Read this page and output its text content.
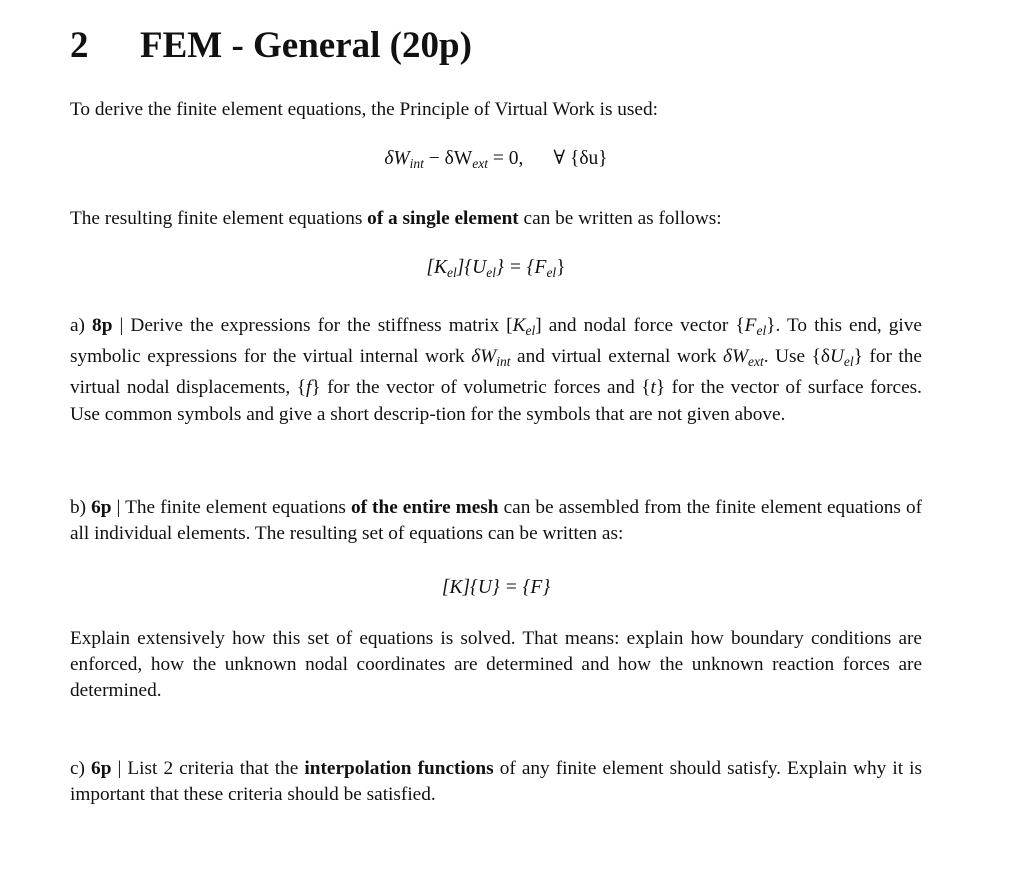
2 FEM - General (20p)
To derive the finite element equations, the Principle of Virtual Work is used:
$\delta W_{int} - \delta W_{ext} = 0$, ∀ {δu}
The resulting finite element equations of a single element can be written as follows:
$[K_{el}]\{U_{el}\} = \{F_{el}\}$
a) 8p | Derive the expressions for the stiffness matrix $[K_{el}]$ and nodal force vector $\{F_{el}\}$. To this end, give symbolic expressions for the virtual internal work $\delta W_{int}$ and virtual external work $\delta W_{ext}$. Use $\{\delta U_{el}\}$ for the virtual nodal displacements, {f} for the vector of volumetric forces and {t} for the vector of surface forces. Use common symbols and give a short descrip-tion for the symbols that are not given above.
b) 6p | The finite element equations of the entire mesh can be assembled from the finite element equations of all individual elements. The resulting set of equations can be written as:
[K]{U} = {F}
Explain extensively how this set of equations is solved. That means: explain how boundary conditions are enforced, how the unknown nodal coordinates are determined and how the unknown reaction forces are determined.
c) 6p | List 2 criteria that the interpolation functions of any finite element should satisfy. Explain why it is important that these criteria should be satisfied.
